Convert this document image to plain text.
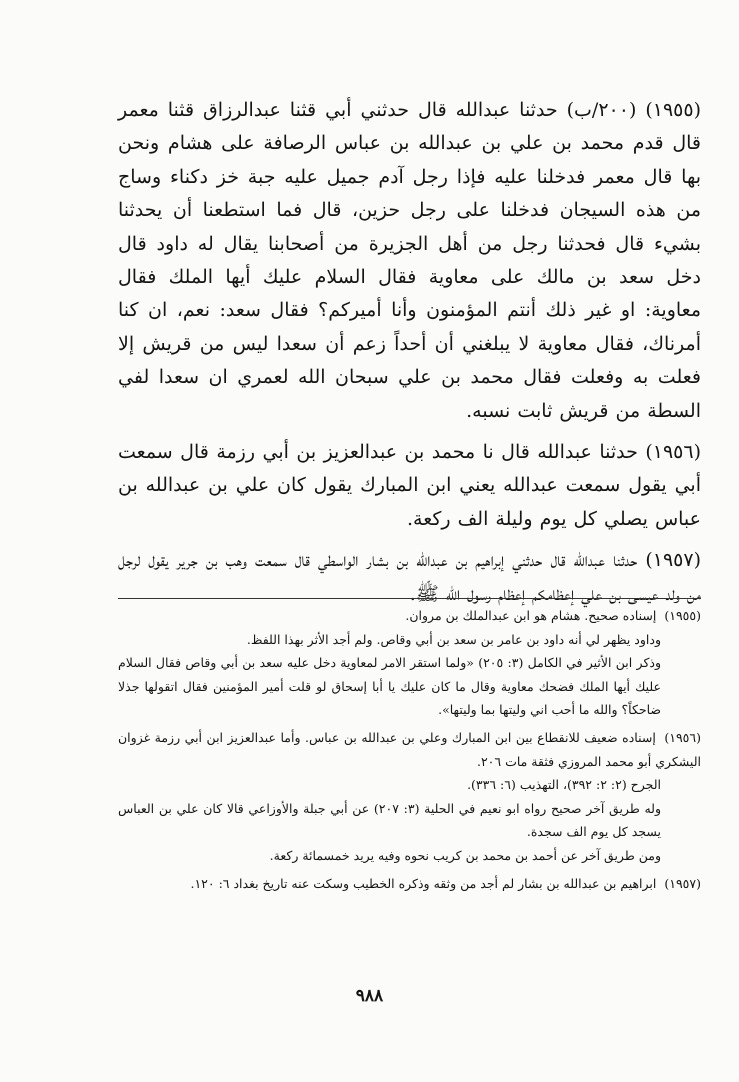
(١٩٥٥) (٢٠٠/ب) حدثنا عبدالله قال حدثني أبي قثنا عبدالرزاق قثنا معمر قال قدم محمد بن علي بن عبدالله بن عباس الرصافة على هشام ونحن بها قال معمر فدخلنا عليه فإذا رجل آدم جميل عليه جبة خز دكناء وساج من هذه السيجان فدخلنا على رجل حزين، قال فما استطعنا أن يحدثنا بشيء قال فحدثنا رجل من أهل الجزيرة من أصحابنا يقال له داود قال دخل سعد بن مالك على معاوية فقال السلام عليك أيها الملك فقال معاوية: او غير ذلك أنتم المؤمنون وأنا أميركم؟ فقال سعد: نعم، ان كنا أمرناك، فقال معاوية لا يبلغني أن أحداً زعم أن سعدا ليس من قريش إلا فعلت به وفعلت فقال محمد بن علي سبحان الله لعمري ان سعدا لفي السطة من قريش ثابت نسبه.

(١٩٥٦) حدثنا عبدالله قال نا محمد بن عبدالعزيز بن أبي رزمة قال سمعت أبي يقول سمعت عبدالله يعني ابن المبارك يقول كان علي بن عبدالله بن عباس يصلي كل يوم وليلة الف ركعة.

(١٩٥٧) حدثنا عبدالله قال حدثني إبراهيم بن عبدالله بن بشار الواسطي قال سمعت وهب بن جرير يقول لرجل من ولد عيسى بن علي إعظامكم إعظام رسول الله ﷺ.

(١٩٥٥) إسناده صحيح. هشام هو ابن عبدالملك بن مروان.
وداود يظهر لي أنه داود بن عامر بن سعد بن أبي وقاص. ولم أجد الأثر بهذا اللفظ.
وذكر ابن الأثير في الكامل (٣: ٢٠٥) «ولما استقر الامر لمعاوية دخل عليه سعد بن أبي وقاص فقال السلام عليك أيها الملك فضحك معاوية وقال ما كان عليك يا أبا إسحاق لو قلت أمير المؤمنين فقال اتقولها جذلا ضاحكاً؟ والله ما أحب اني وليتها بما وليتها».
(١٩٥٦) إسناده ضعيف للانقطاع بين ابن المبارك وعلي بن عبدالله بن عباس. وأما عبدالعزيز ابن أبي رزمة غزوان اليشكري أبو محمد المروزي فثقة مات ٢٠٦.
الجرح (٢: ٢: ٣٩٢)، التهذيب (٦: ٣٣٦).
وله طريق آخر صحيح رواه ابو نعيم في الحلية (٣: ٢٠٧) عن أبي جبلة والأوزاعي قالا كان علي بن العباس يسجد كل يوم الف سجدة.
ومن طريق آخر عن أحمد بن محمد بن كريب نحوه وفيه يريد خمسمائة ركعة.
(١٩٥٧) ابراهيم بن عبدالله بن بشار لم أجد من وثقه وذكره الخطيب وسكت عنه تاريخ بغداد ٦: ١٢٠.
٩٨٨
